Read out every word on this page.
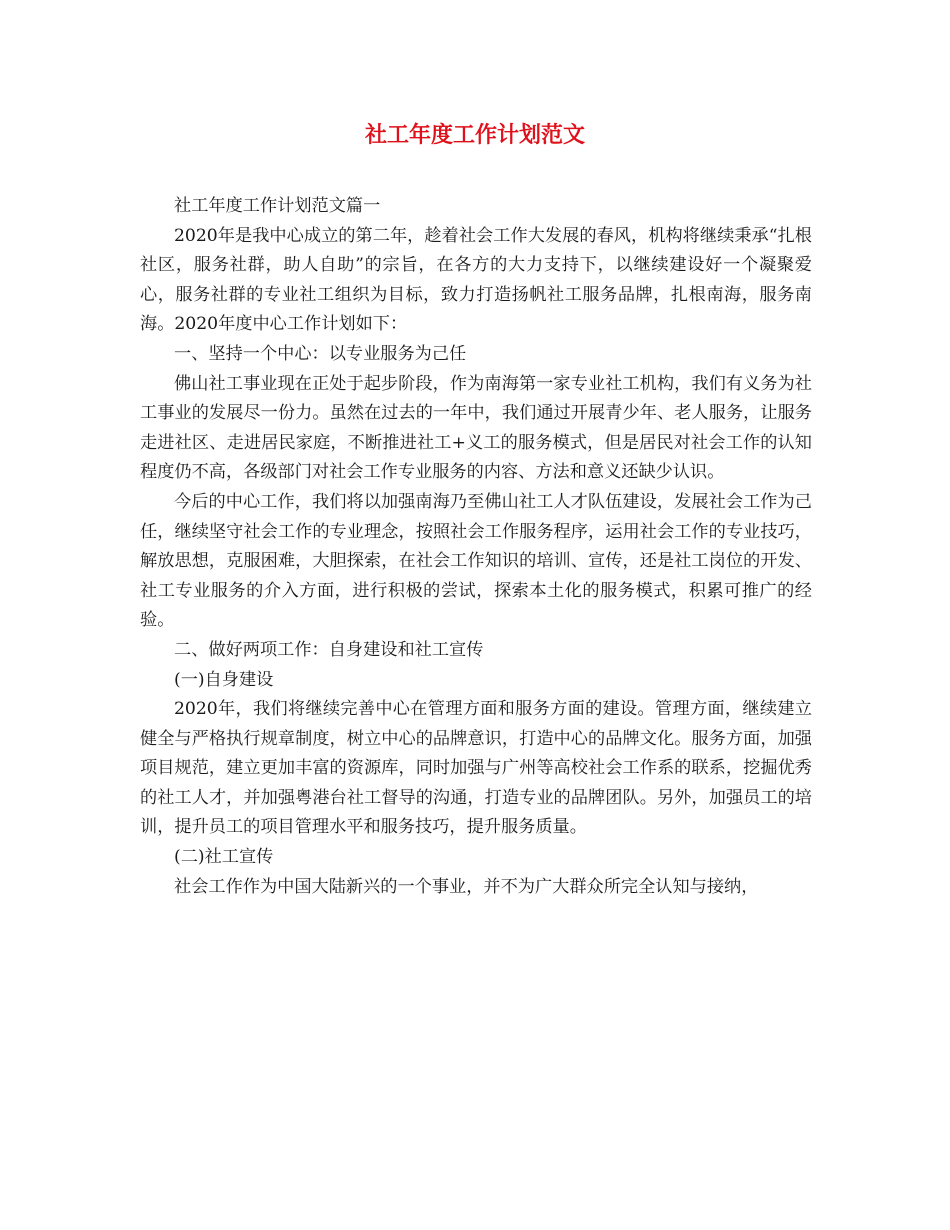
社工年度工作计划范文

社工年度工作计划范文篇一

2020年是我中心成立的第二年，趁着社会工作大发展的春风，机构将继续秉承“扎根社区，服务社群，助人自助”的宗旨，在各方的大力支持下，以继续建设好一个凝聚爱心，服务社群的专业社工组织为目标，致力打造扬帆社工服务品牌，扎根南海，服务南海。2020年度中心工作计划如下：

一、坚持一个中心：以专业服务为己任

佛山社工事业现在正处于起步阶段，作为南海第一家专业社工机构，我们有义务为社工事业的发展尽一份力。虽然在过去的一年中，我们通过开展青少年、老人服务，让服务走进社区、走进居民家庭，不断推进社工+义工的服务模式，但是居民对社会工作的认知程度仍不高，各级部门对社会工作专业服务的内容、方法和意义还缺少认识。

今后的中心工作，我们将以加强南海乃至佛山社工人才队伍建设，发展社会工作为己任，继续坚守社会工作的专业理念，按照社会工作服务程序，运用社会工作的专业技巧，解放思想，克服困难，大胆探索，在社会工作知识的培训、宣传，还是社工岗位的开发、社工专业服务的介入方面，进行积极的尝试，探索本土化的服务模式，积累可推广的经验。

二、做好两项工作：自身建设和社工宣传

(一)自身建设

2020年，我们将继续完善中心在管理方面和服务方面的建设。管理方面，继续建立健全与严格执行规章制度，树立中心的品牌意识，打造中心的品牌文化。服务方面，加强项目规范，建立更加丰富的资源库，同时加强与广州等高校社会工作系的联系，挖掘优秀的社工人才，并加强粤港台社工督导的沟通，打造专业的品牌团队。另外，加强员工的培训，提升员工的项目管理水平和服务技巧，提升服务质量。

(二)社工宣传

社会工作作为中国大陆新兴的一个事业，并不为广大群众所完全认知与接纳，
